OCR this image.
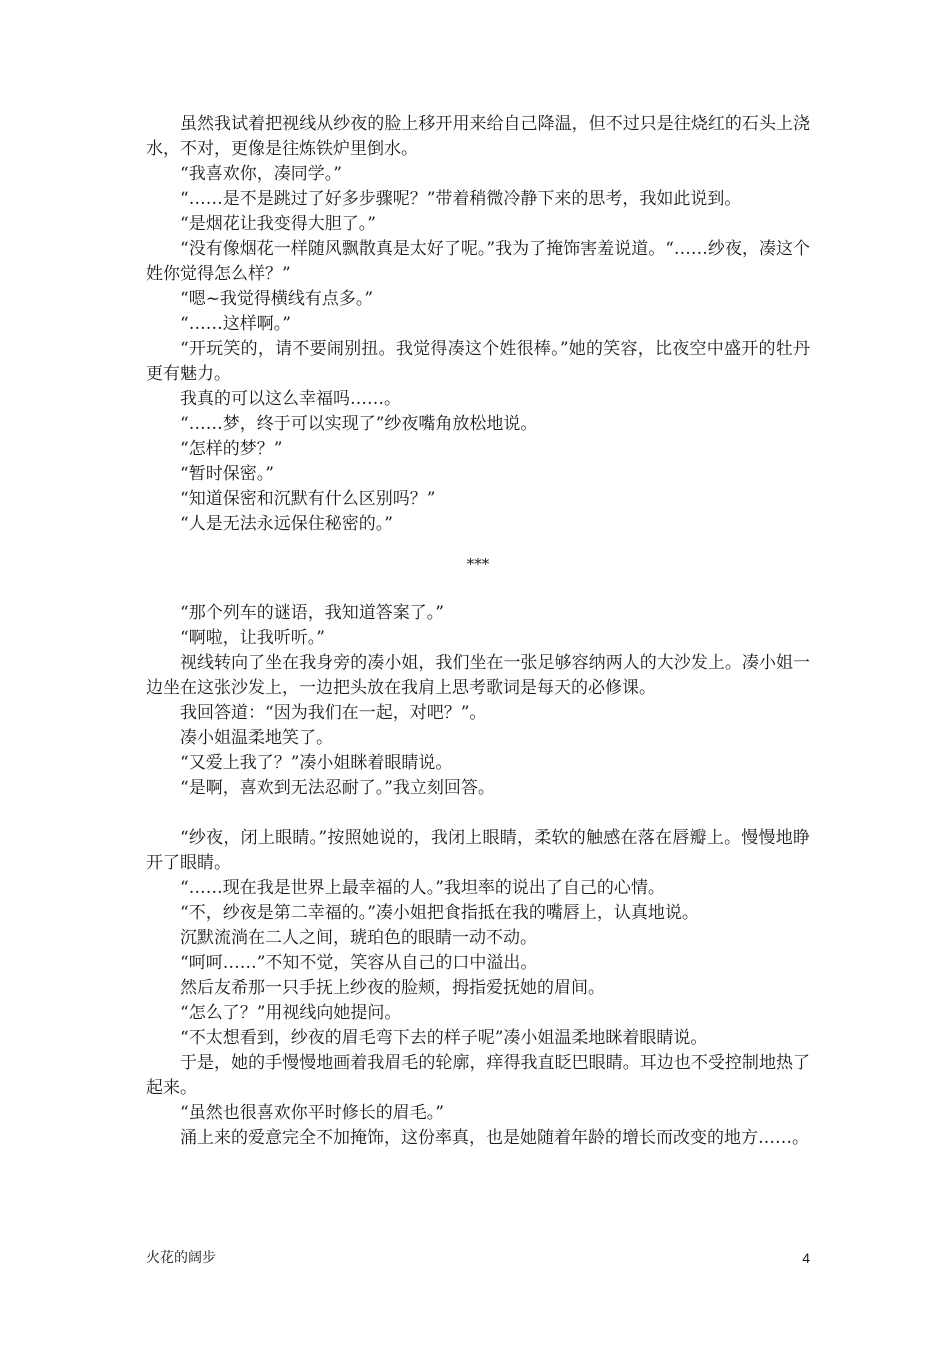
虽然我试着把视线从纱夜的脸上移开用来给自己降温，但不过只是往烧红的石头上浇水，不对，更像是往炼铁炉里倒水。

“我喜欢你，凑同学。”

“……是不是跳过了好多步骤呢？”带着稍微冷静下来的思考，我如此说到。

“是烟花让我变得大胆了。”

“没有像烟花一样随风飘散真是太好了呢。”我为了掩饰害羞说道。“……纱夜，凑这个姓你觉得怎么样？”

“嗯~我觉得横线有点多。”

“……这样啊。”

“开玩笑的，请不要闹别扭。我觉得凑这个姓很棒。”她的笑容，比夜空中盛开的牡丹更有魅力。

我真的可以这么幸福吗……。

“……梦，终于可以实现了”纱夜嘴角放松地说。

“怎样的梦？”

“暂时保密。”

“知道保密和沉默有什么区别吗？”

“人是无法永远保住秘密的。”

***

“那个列车的谜语，我知道答案了。”

“啊啦，让我听听。”

视线转向了坐在我身旁的凑小姐，我们坐在一张足够容纳两人的大沙发上。凑小姐一边坐在这张沙发上，一边把头放在我肩上思考歌词是每天的必修课。

我回答道：“因为我们在一起，对吧？”。

凑小姐温柔地笑了。

“又爱上我了？”凑小姐眯着眼睛说。

“是啊，喜欢到无法忍耐了。”我立刻回答。

“纱夜，闭上眼睛。”按照她说的，我闭上眼睛，柔软的触感在落在唇瓣上。慢慢地睁开了眼睛。

“……现在我是世界上最幸福的人。”我坦率的说出了自己的心情。

“不，纱夜是第二幸福的。”凑小姐把食指抵在我的嘴唇上，认真地说。

沉默流淌在二人之间，琥珀色的眼睛一动不动。

“呵呵……”不知不觉，笑容从自己的口中溢出。

然后友希那一只手抚上纱夜的脸颊，拇指爱抚她的眉间。

“怎么了？”用视线向她提问。

“不太想看到，纱夜的眉毛弯下去的样子呢”凑小姐温柔地眯着眼睛说。

于是，她的手慢慢地画着我眉毛的轮廓，痒得我直眨巴眼睛。耳边也不受控制地热了起来。

“虽然也很喜欢你平时修长的眉毛。”

涌上来的爱意完全不加掩饰，这份率真，也是她随着年龄的增长而改变的地方……。

火花的阔步	4
